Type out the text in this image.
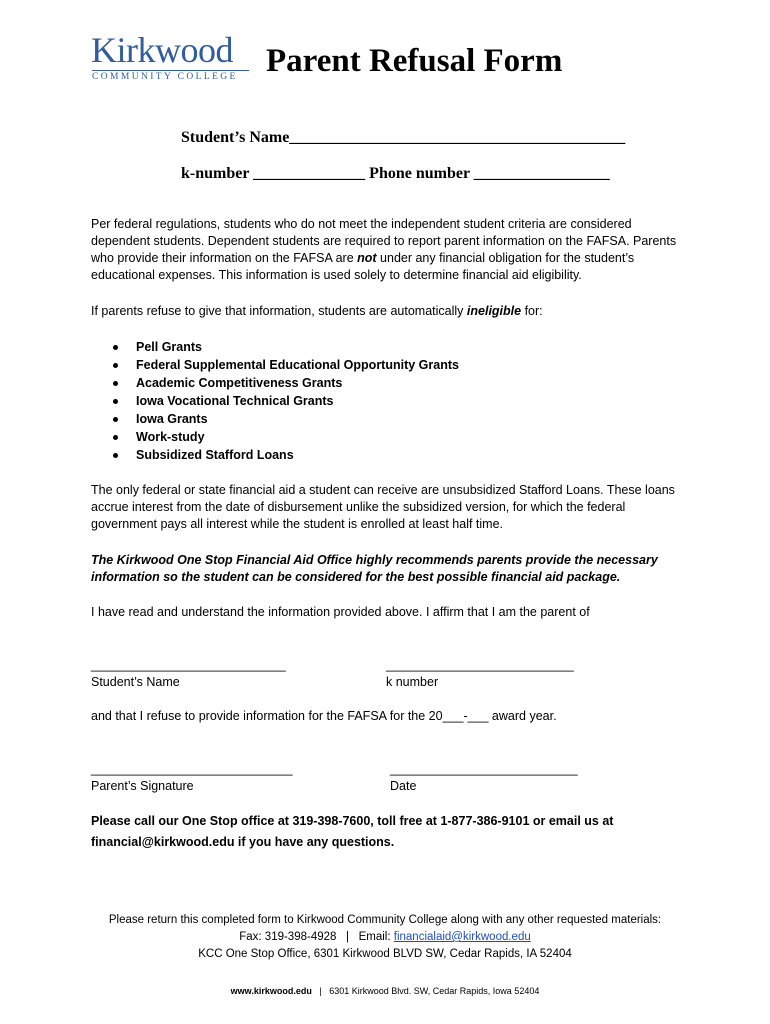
Kirkwood
COMMUNITY COLLEGE Parent Refusal Form
Student’s Name__________________________________________
k-number ______________ Phone number _________________

Per federal regulations, students who do not meet the independent student criteria are considered dependent students. Dependent students are required to report parent information on the FAFSA. Parents who provide their information on the FAFSA are not under any financial obligation for the student’s educational expenses. This information is used solely to determine financial aid eligibility.

If parents refuse to give that information, students are automatically ineligible for:

Pell Grants
Federal Supplemental Educational Opportunity Grants
Academic Competitiveness Grants
Iowa Vocational Technical Grants
Iowa Grants
Work-study
Subsidized Stafford Loans
The only federal or state financial aid a student can receive are unsubsidized Stafford Loans. These loans accrue interest from the date of disbursement unlike the subsidized version, for which the federal government pays all interest while the student is enrolled at least half time.
The Kirkwood One Stop Financial Aid Office highly recommends parents provide the necessary information so the student can be considered for the best possible financial aid package.
I have read and understand the information provided above. I affirm that I am the parent of
____________________________
Student’s Name
___________________________
k number
and that I refuse to provide information for the FAFSA for the 20___-___ award year.
_____________________________
Parent’s Signature
___________________________
Date
Please call our One Stop office at 319-398-7600, toll free at 1-877-386-9101 or email us at financial@kirkwood.edu if you have any questions.
Please return this completed form to Kirkwood Community College along with any other requested materials:
Fax: 319-398-4928 | Email: financialaid@kirkwood.edu
KCC One Stop Office, 6301 Kirkwood BLVD SW, Cedar Rapids, IA 52404
www.kirkwood.edu | 6301 Kirkwood Blvd. SW, Cedar Rapids, Iowa 52404
